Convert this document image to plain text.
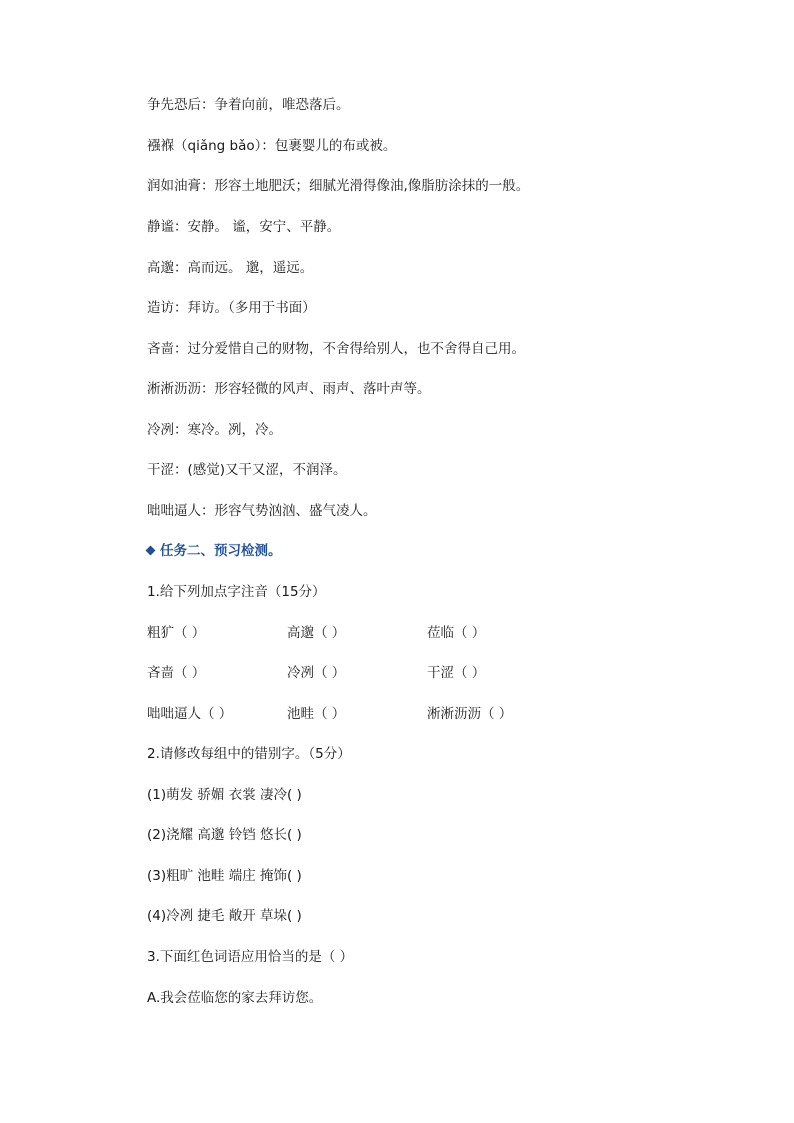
争先恐后：争着向前，唯恐落后。
襁褓（qiǎng bǎo）：包裹婴儿的布或被。
润如油膏：形容土地肥沃；细腻光滑得像油,像脂肪涂抹的一般。
静谧：安静。 谧，安宁、平静。
高邈：高而远。 邈，遥远。
造访：拜访。（多用于书面）
吝啬：过分爱惜自己的财物，不舍得给别人，也不舍得自己用。
淅淅沥沥：形容轻微的风声、雨声、落叶声等。
冷冽：寒冷。冽，冷。
干涩：(感觉)又干又涩，不润泽。
咄咄逼人：形容气势汹汹、盛气凌人。
任务二、预习检测。
1.给下列加点字注音（15分）
粗犷（ ）	高邈（ ）	莅临（ ）
吝啬（ ）	冷冽（ ）	干涩（ ）
咄咄逼人（ ）	池畦（ ）	淅淅沥沥（ ）
2.请修改每组中的错别字。（5分）
(1)萌发 骄媚 衣裳 凄冷( )
(2)浇耀 高邈 铃铛 悠长( )
(3)粗旷 池畦 端庄 掩饰( )
(4)冷冽 捷毛 敞开 草垛( )
3.下面红色词语应用恰当的是（ ）
A.我会莅临您的家去拜访您。
